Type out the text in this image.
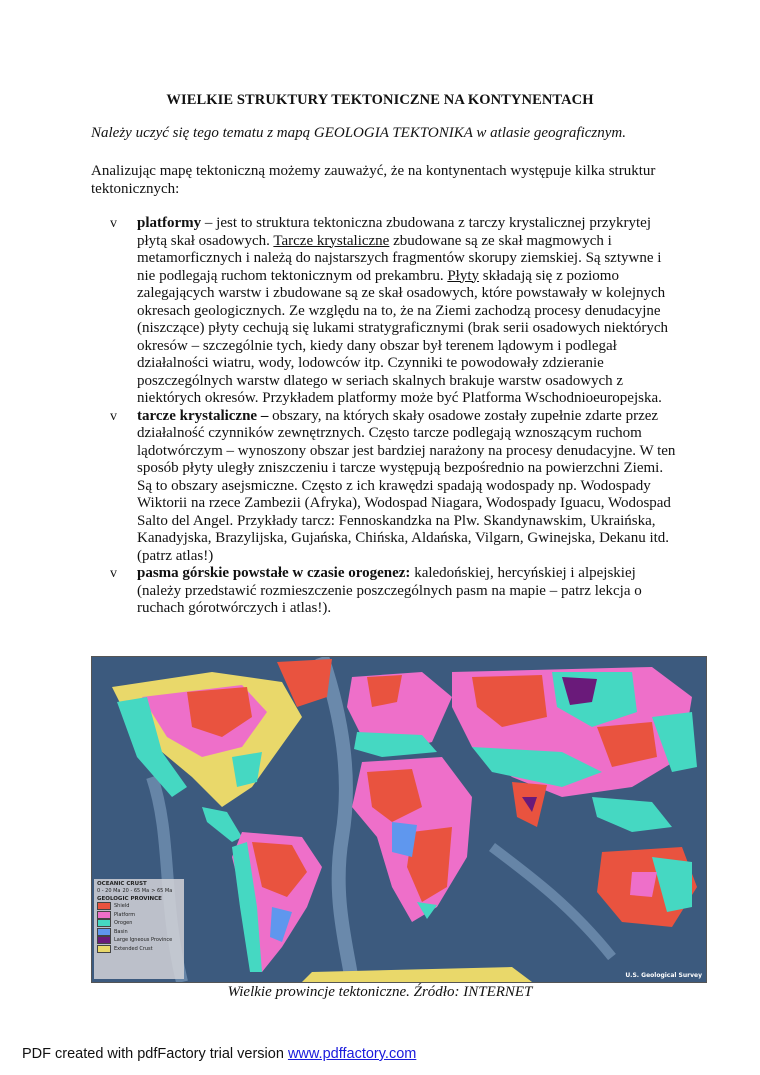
WIELKIE STRUKTURY TEKTONICZNE NA KONTYNENTACH
Należy uczyć się tego tematu z mapą GEOLOGIA TEKTONIKA w atlasie geograficznym.
Analizując mapę tektoniczną możemy zauważyć, że na kontynentach występuje kilka struktur tektonicznych:
v platformy – jest to struktura tektoniczna zbudowana z tarczy krystalicznej przykrytej płytą skał osadowych. Tarcze krystaliczne zbudowane są ze skał magmowych i metamorficznych i należą do najstarszych fragmentów skorupy ziemskiej. Są sztywne i nie podlegają ruchom tektonicznym od prekambru. Płyty składają się z poziomo zalegających warstw i zbudowane są ze skał osadowych, które powstawały w kolejnych okresach geologicznych. Ze względu na to, że na Ziemi zachodzą procesy denudacyjne (niszczące) płyty cechują się lukami stratygraficznymi (brak serii osadowych niektórych okresów – szczególnie tych, kiedy dany obszar był terenem lądowym i podlegał działalności wiatru, wody, lodowców itp. Czynniki te powodowały zdzieranie poszczególnych warstw dlatego w seriach skalnych brakuje warstw osadowych z niektórych okresów. Przykładem platformy może być Platforma Wschodnioeuropejska.
v tarcze krystaliczne – obszary, na których skały osadowe zostały zupełnie zdarte przez działalność czynników zewnętrznych. Często tarcze podlegają wznoszącym ruchom lądotwórczym – wynoszony obszar jest bardziej narażony na procesy denudacyjne. W ten sposób płyty uległy zniszczeniu i tarcze występują bezpośrednio na powierzchni Ziemi. Są to obszary asejsmiczne. Często z ich krawędzi spadają wodospady np. Wodospady Wiktorii na rzece Zambezii (Afryka), Wodospad Niagara, Wodospady Iguacu, Wodospad Salto del Angel. Przykłady tarcz: Fennoskandzka na Plw. Skandynawskim, Ukraińska, Kanadyjska, Brazylijska, Gujańska, Chińska, Aldańska, Vilgarn, Gwinejska, Dekanu itd. (patrz atlas!)
v pasma górskie powstałe w czasie orogenez: kaledońskiej, hercyńskiej i alpejskiej (należy przedstawić rozmieszczenie poszczególnych pasm na mapie – patrz lekcja o ruchach górotwórczych i atlas!).
OCEANIC CRUST
0 - 20 Ma 20 - 65 Ma > 65 Ma
GEOLOGIC PROVINCE
Shield
Platform
Orogen
Basin
Large Igneous Province
Extended Crust
U.S. Geological Survey
Wielkie prowincje tektoniczne. Źródło: INTERNET
PDF created with pdfFactory trial version www.pdffactory.com
